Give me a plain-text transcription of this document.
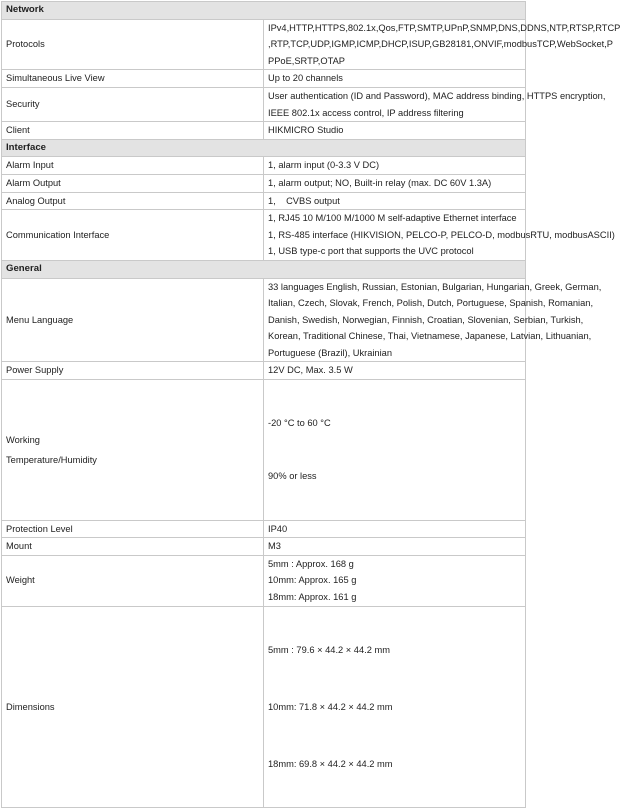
Network	
Protocols	IPv4,HTTP,HTTPS,802.1x,Qos,FTP,SMTP,UPnP,SNMP,DNS,DDNS,NTP,RTSP,RTCP
,RTP,TCP,UDP,IGMP,ICMP,DHCP,ISUP,GB28181,ONVIF,modbusTCP,WebSocket,P
PPoE,SRTP,OTAP

Simultaneous Live View	Up to 20 channels
Security	User authentication (ID and Password), MAC address binding, HTTPS encryption,
IEEE 802.1x access control, IP address filtering

Client	HIKMICRO Studio
Interface	
Alarm Input	1, alarm input (0-3.3 V DC)
Alarm Output	1, alarm output; NO, Built-in relay (max. DC 60V 1.3A)
Analog Output	1,    CVBS output
Communication Interface	1, RJ45 10 M/100 M/1000 M self-adaptive Ethernet interface
1, RS-485 interface (HIKVISION, PELCO-P, PELCO-D, modbusRTU, modbusASCII)
1, USB type-c port that supports the UVC protocol

General	
Menu Language	33 languages English, Russian, Estonian, Bulgarian, Hungarian, Greek, German,
Italian, Czech, Slovak, French, Polish, Dutch, Portuguese, Spanish, Romanian,
Danish, Swedish, Norwegian, Finnish, Croatian, Slovenian, Serbian, Turkish,
Korean, Traditional Chinese, Thai, Vietnamese, Japanese, Latvian, Lithuanian,
Portuguese (Brazil), Ukrainian

Power Supply	12V DC, Max. 3.5 W

Working
Temperature/Humidity	-20 °C to 60 °C

90% or less

Protection Level	IP40
Mount	M3
Weight	5mm : Approx. 168 g
10mm: Approx. 165 g
18mm: Approx. 161 g

Dimensions	5mm : 79.6 × 44.2 × 44.2 mm

10mm: 71.8 × 44.2 × 44.2 mm

18mm: 69.8 × 44.2 × 44.2 mm
